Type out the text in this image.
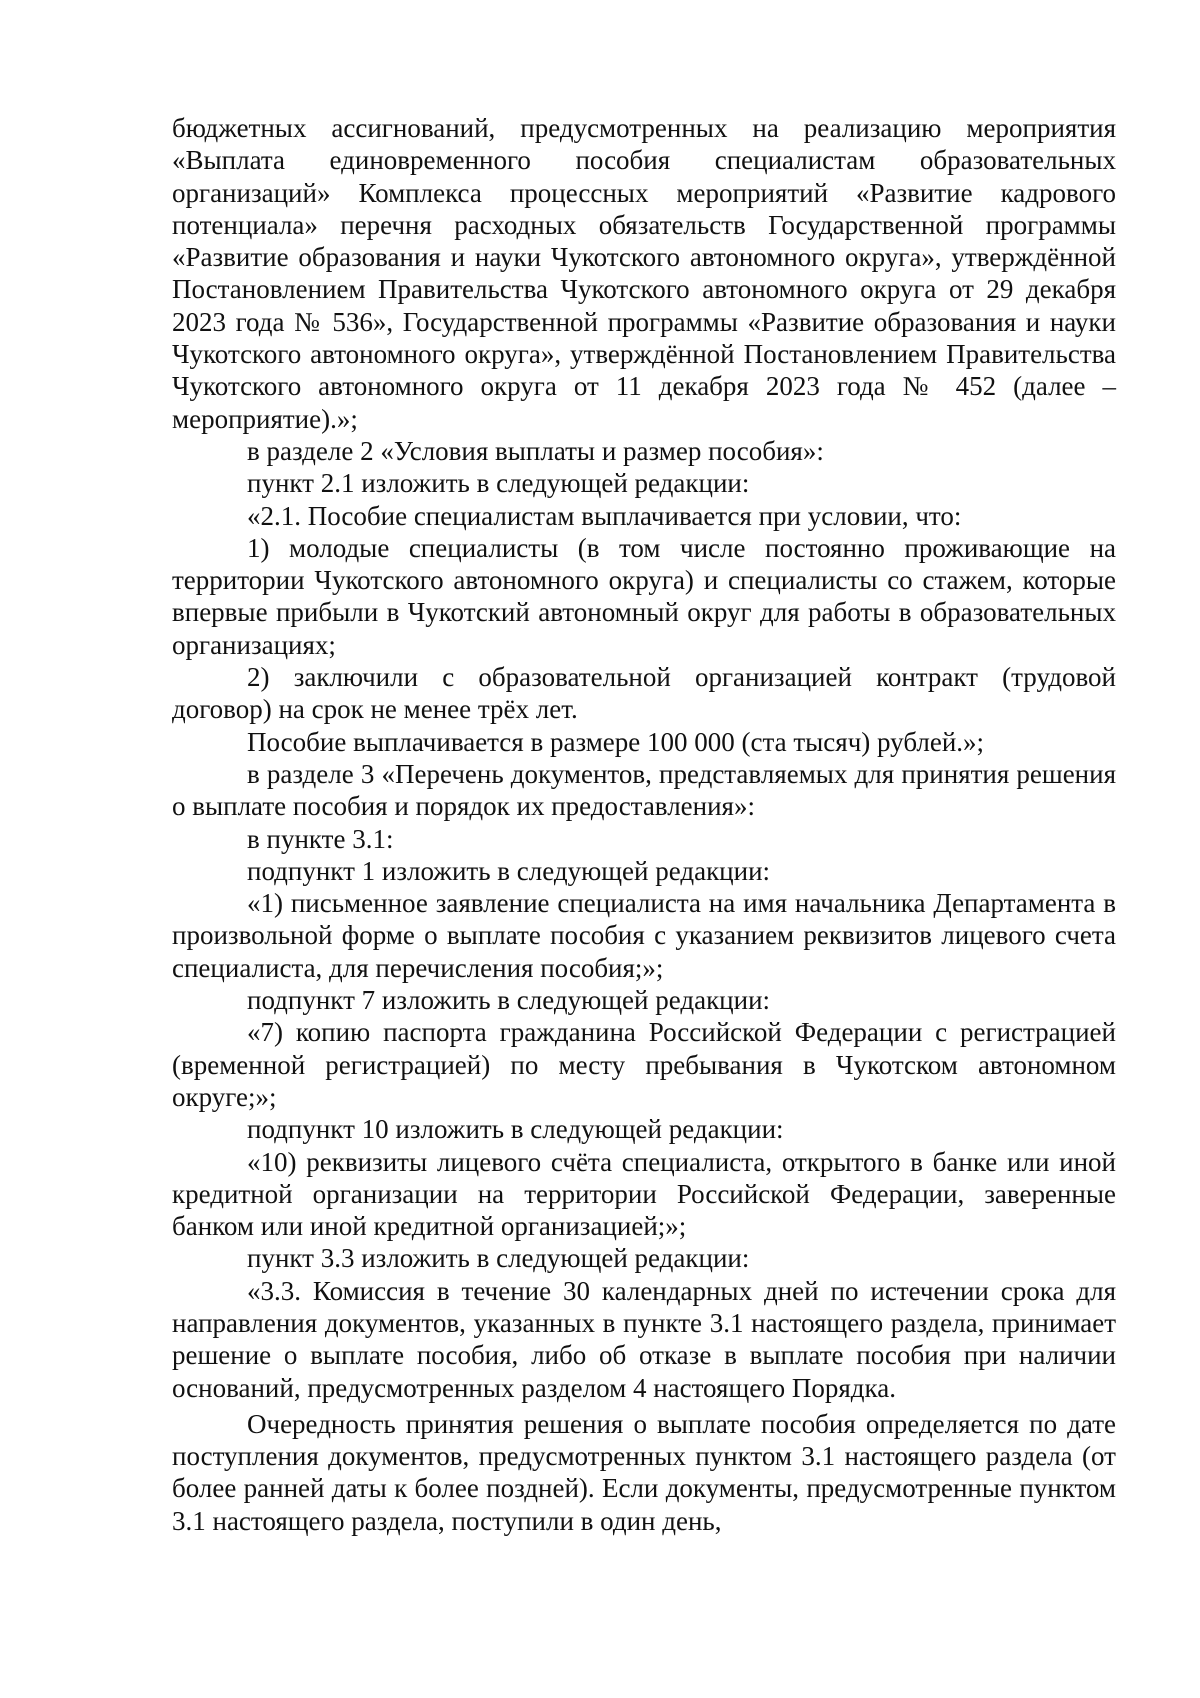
бюджетных ассигнований, предусмотренных на реализацию мероприятия «Выплата единовременного пособия специалистам образовательных организаций» Комплекса процессных мероприятий «Развитие кадрового потенциала» перечня расходных обязательств Государственной программы «Развитие образования и науки Чукотского автономного округа», утверждённой Постановлением Правительства Чукотского автономного округа от 29 декабря 2023 года № 536», Государственной программы «Развитие образования и науки Чукотского автономного округа», утверждённой Постановлением Правительства Чукотского автономного округа от 11 декабря 2023 года № 452 (далее – мероприятие).»;

в разделе 2 «Условия выплаты и размер пособия»:

пункт 2.1 изложить в следующей редакции:

«2.1. Пособие специалистам выплачивается при условии, что:

1) молодые специалисты (в том числе постоянно проживающие на территории Чукотского автономного округа) и специалисты со стажем, которые впервые прибыли в Чукотский автономный округ для работы в образовательных организациях;

2) заключили с образовательной организацией контракт (трудовой договор) на срок не менее трёх лет.

Пособие выплачивается в размере 100 000 (ста тысяч) рублей.»;

в разделе 3 «Перечень документов, представляемых для принятия решения о выплате пособия и порядок их предоставления»:

в пункте 3.1:

подпункт 1 изложить в следующей редакции:

«1) письменное заявление специалиста на имя начальника Департамента в произвольной форме о выплате пособия с указанием реквизитов лицевого счета специалиста, для перечисления пособия;»;

подпункт 7 изложить в следующей редакции:

«7) копию паспорта гражданина Российской Федерации с регистрацией (временной регистрацией) по месту пребывания в Чукотском автономном округе;»;

подпункт 10 изложить в следующей редакции:

«10) реквизиты лицевого счёта специалиста, открытого в банке или иной кредитной организации на территории Российской Федерации, заверенные банком или иной кредитной организацией;»;

пункт 3.3 изложить в следующей редакции:

«3.3. Комиссия в течение 30 календарных дней по истечении срока для направления документов, указанных в пункте 3.1 настоящего раздела, принимает решение о выплате пособия, либо об отказе в выплате пособия при наличии оснований, предусмотренных разделом 4 настоящего Порядка.

Очередность принятия решения о выплате пособия определяется по дате поступления документов, предусмотренных пунктом 3.1 настоящего раздела (от более ранней даты к более поздней). Если документы, предусмотренные пунктом 3.1 настоящего раздела, поступили в один день,
